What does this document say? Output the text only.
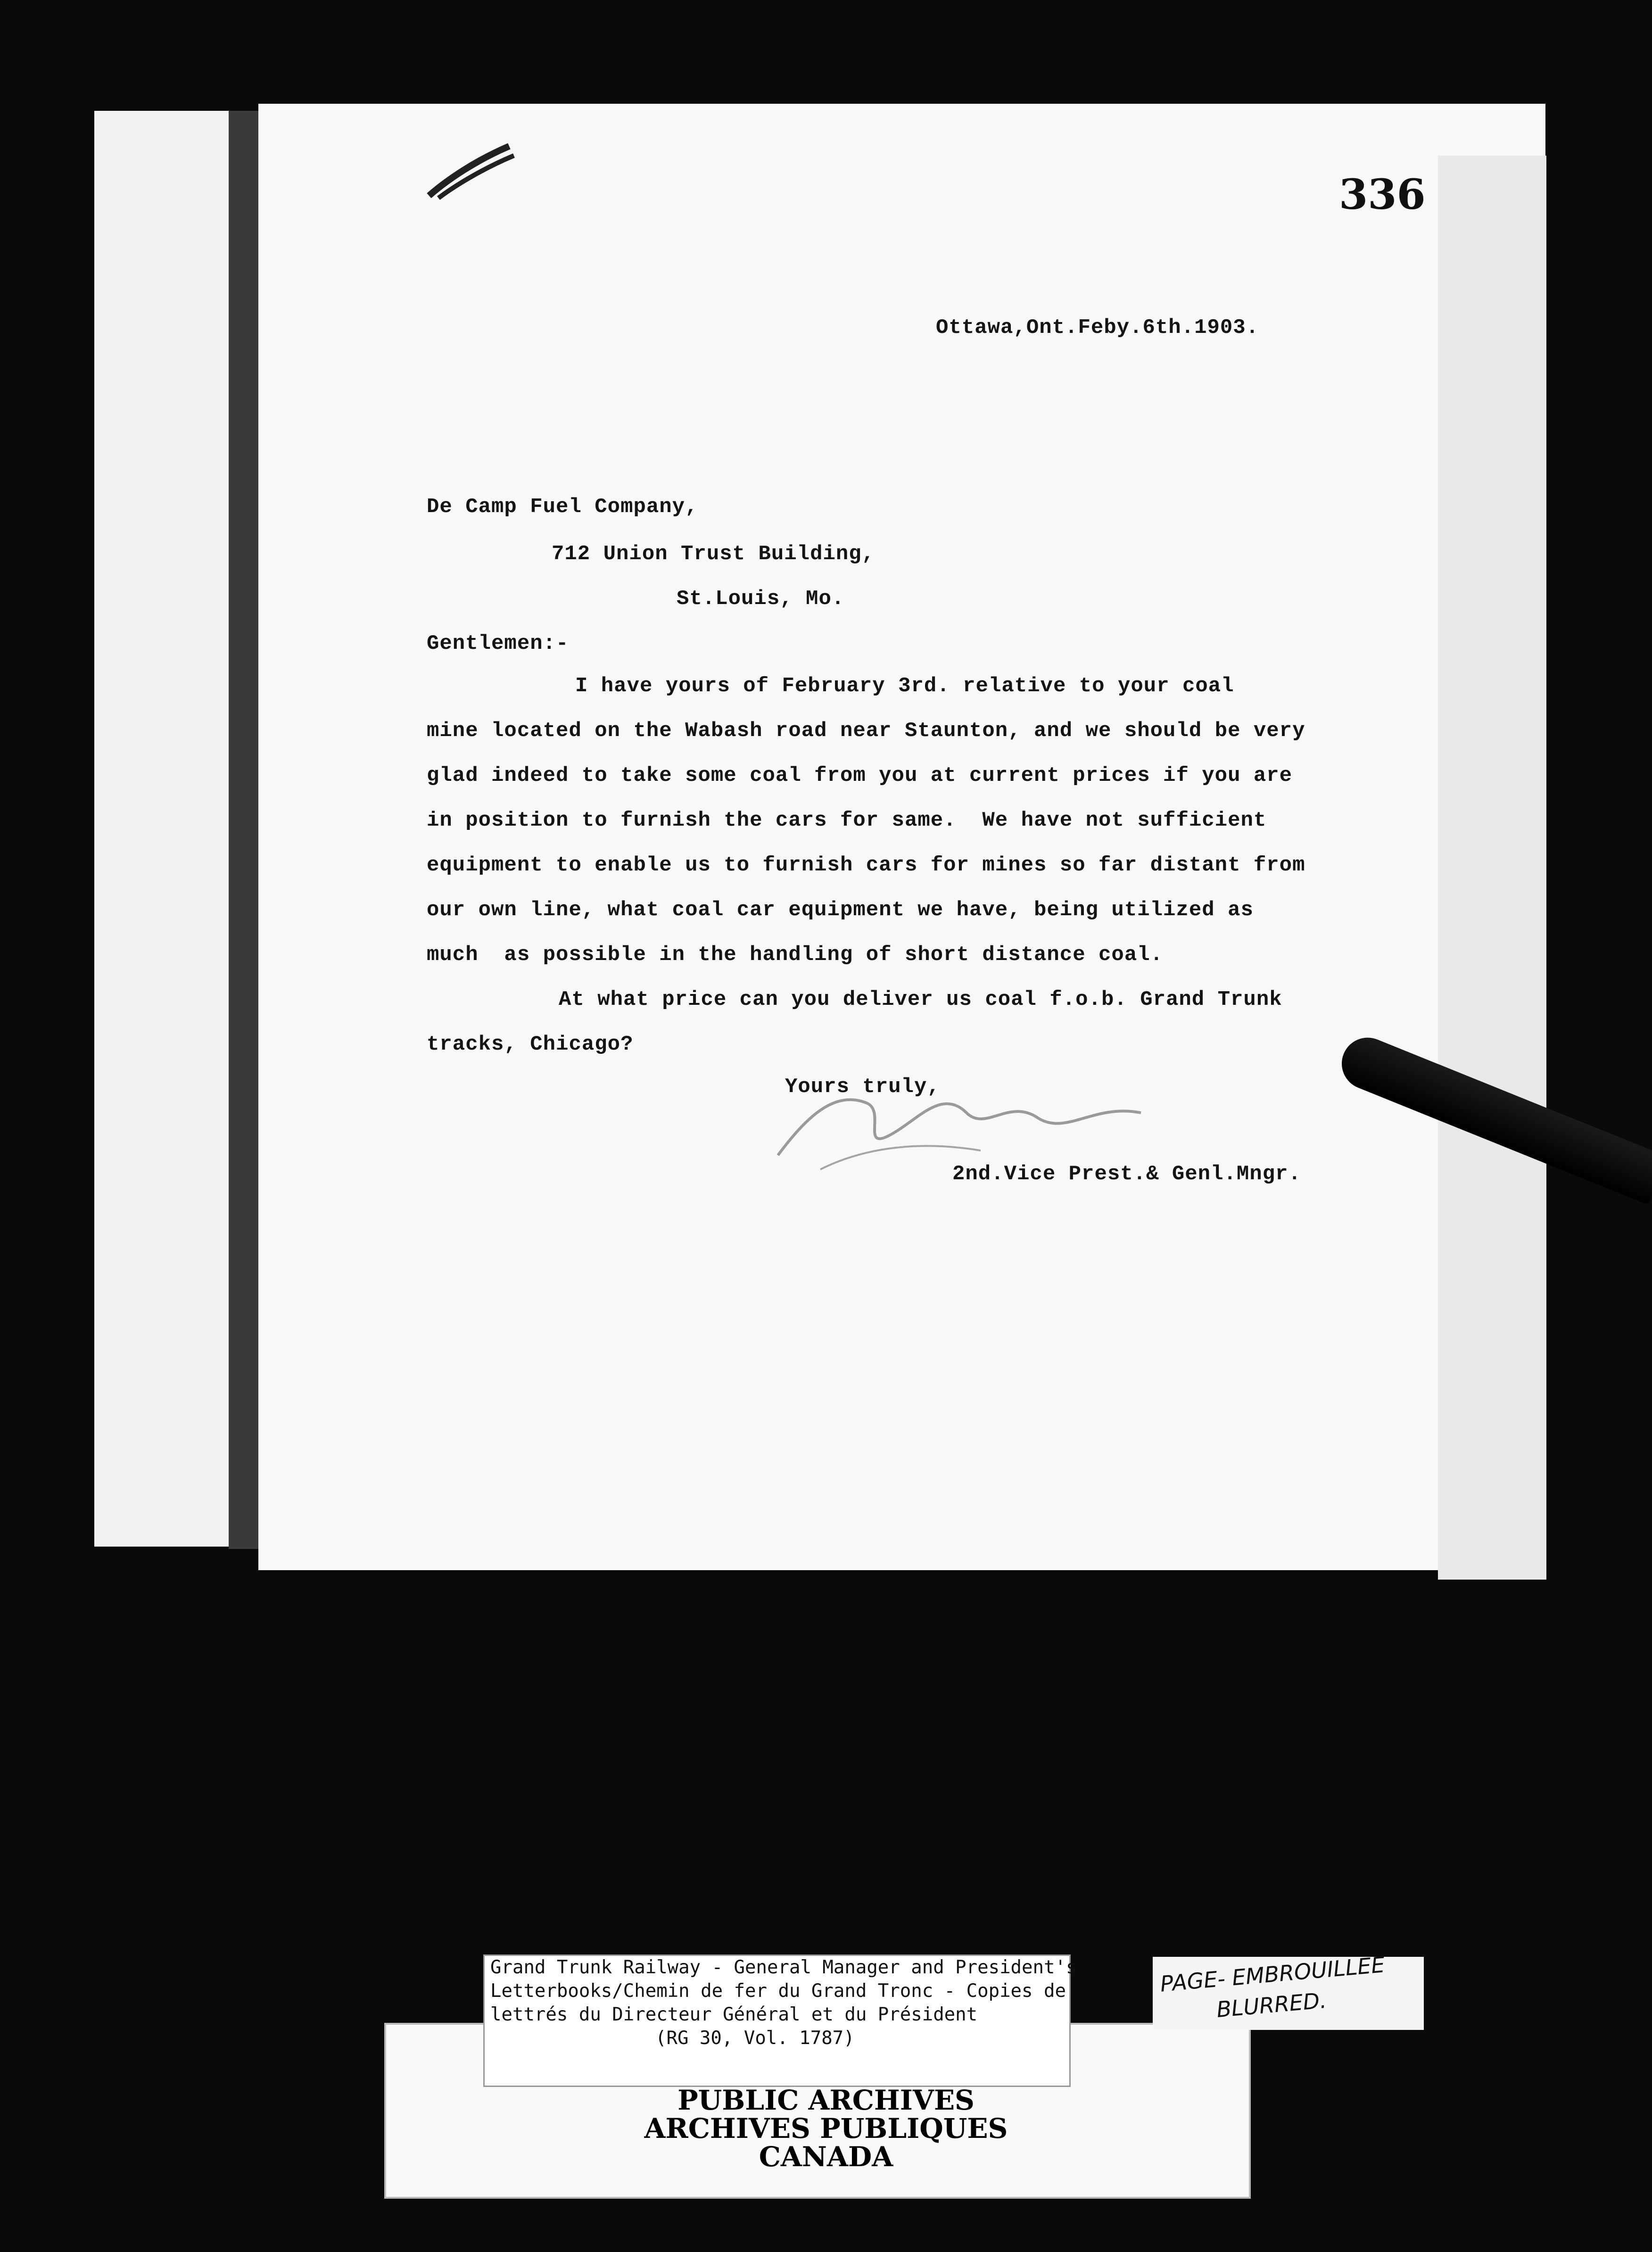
336
Ottawa,Ont.Feby.6th.1903.
De Camp Fuel Company,
712 Union Trust Building,
St.Louis, Mo.
Gentlemen:-
I have yours of February 3rd. relative to your coal
mine located on the Wabash road near Staunton, and we should be very
glad indeed to take some coal from you at current prices if you are
in position to furnish the cars for same.  We have not sufficient
equipment to enable us to furnish cars for mines so far distant from
our own line, what coal car equipment we have, being utilized as
much  as possible in the handling of short distance coal.
At what price can you deliver us coal f.o.b. Grand Trunk
tracks, Chicago?
Yours truly,
2nd.Vice Prest.& Genl.Mngr.
Grand Trunk Railway - General Manager and President's
Letterbooks/Chemin de fer du Grand Tronc - Copies de
lettrés du Directeur Général et du Président
(RG 30, Vol. 1787)
PUBLIC ARCHIVES
ARCHIVES PUBLIQUES
CANADA
PAGE- EMBROUILLEE
BLURRED.
